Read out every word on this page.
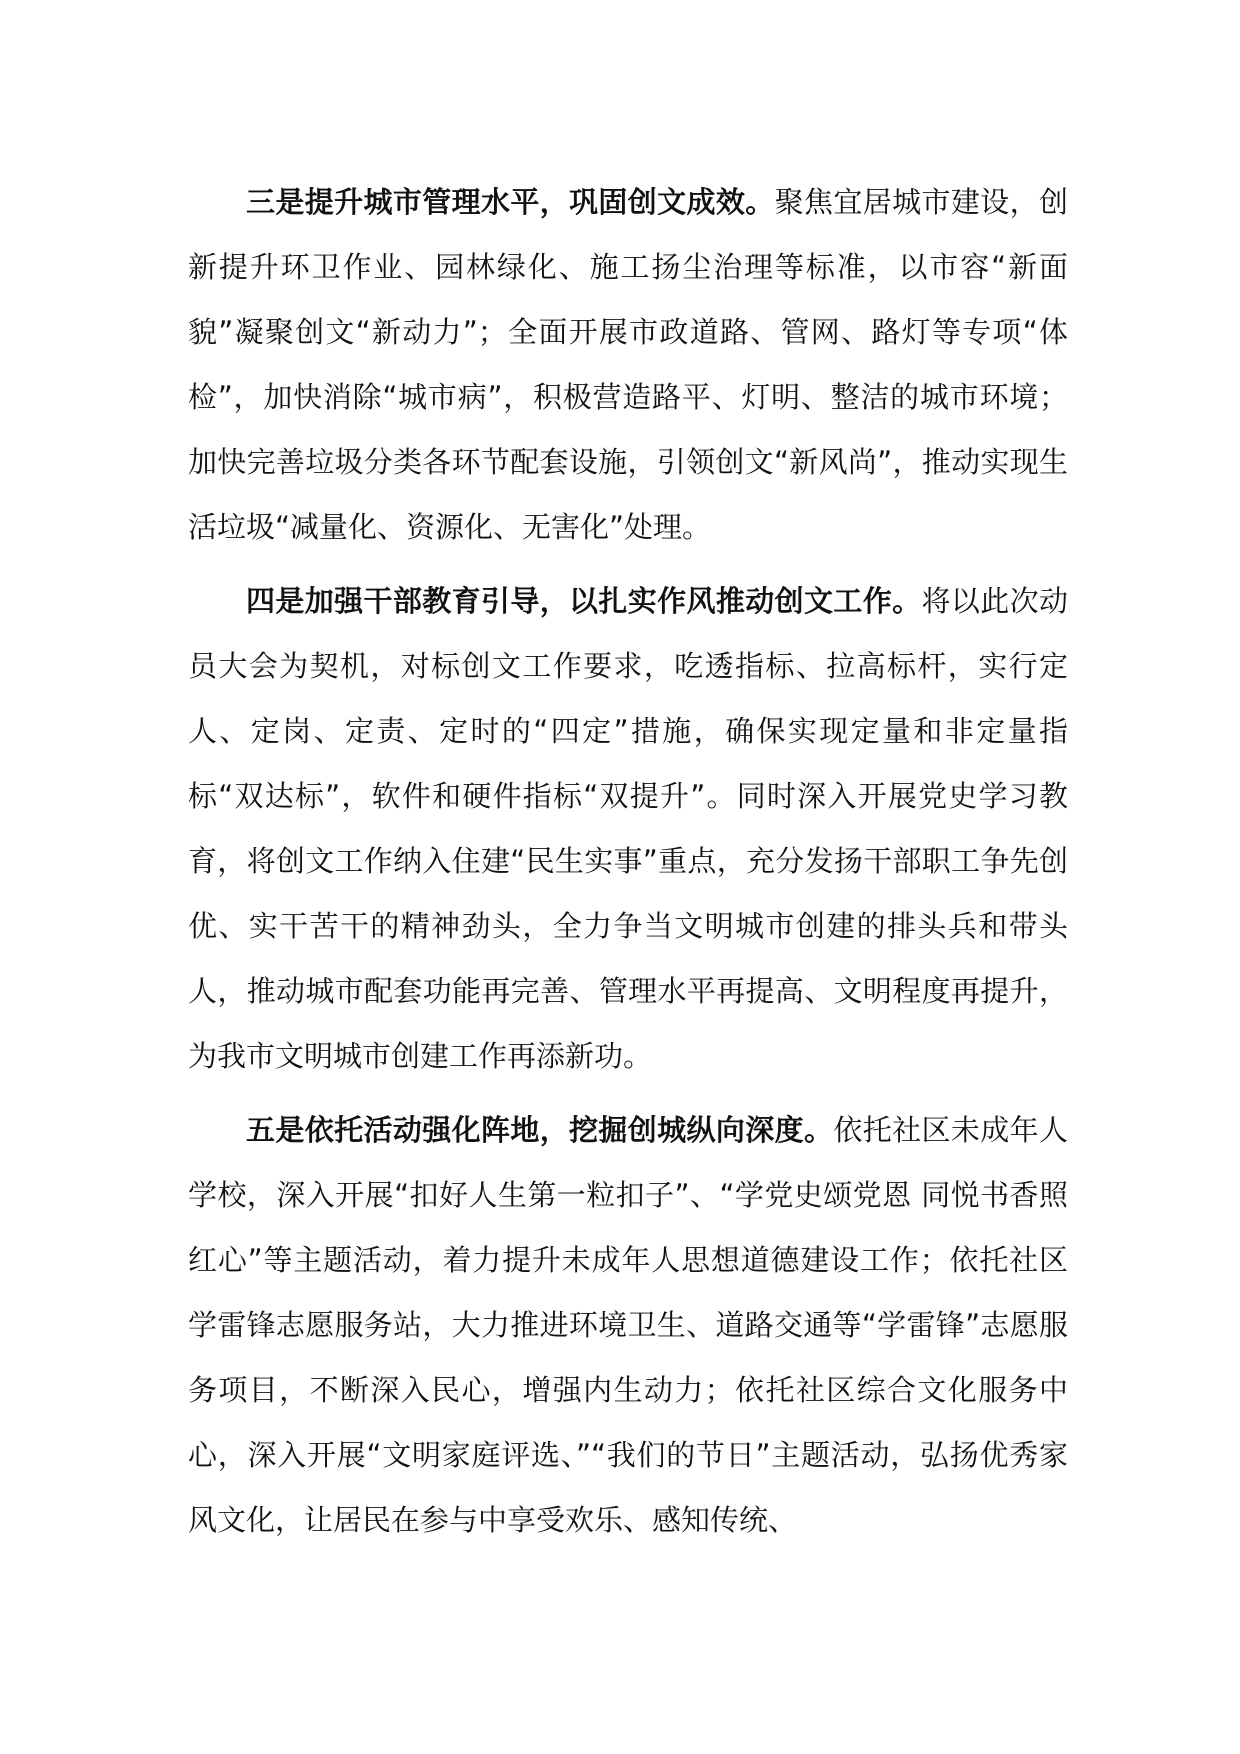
三是提升城市管理水平，巩固创文成效。聚焦宜居城市建设，创新提升环卫作业、园林绿化、施工扬尘治理等标准，以市容“新面貌”凝聚创文“新动力”；全面开展市政道路、管网、路灯等专项“体检”，加快消除“城市病”，积极营造路平、灯明、整洁的城市环境；加快完善垃圾分类各环节配套设施，引领创文“新风尚”，推动实现生活垃圾“减量化、资源化、无害化”处理。

四是加强干部教育引导，以扎实作风推动创文工作。将以此次动员大会为契机，对标创文工作要求，吃透指标、拉高标杆，实行定人、定岗、定责、定时的“四定”措施，确保实现定量和非定量指标“双达标”，软件和硬件指标“双提升”。同时深入开展党史学习教育，将创文工作纳入住建“民生实事”重点，充分发扬干部职工争先创优、实干苦干的精神劲头，全力争当文明城市创建的排头兵和带头人，推动城市配套功能再完善、管理水平再提高、文明程度再提升，为我市文明城市创建工作再添新功。

五是依托活动强化阵地，挖掘创城纵向深度。依托社区未成年人学校，深入开展“扣好人生第一粒扣子”、“学党史颂党恩 同悦书香照红心”等主题活动，着力提升未成年人思想道德建设工作；依托社区学雷锋志愿服务站，大力推进环境卫生、道路交通等“学雷锋”志愿服务项目，不断深入民心，增强内生动力；依托社区综合文化服务中心，深入开展“文明家庭评选、”“我们的节日”主题活动，弘扬优秀家风文化，让居民在参与中享受欢乐、感知传统、
